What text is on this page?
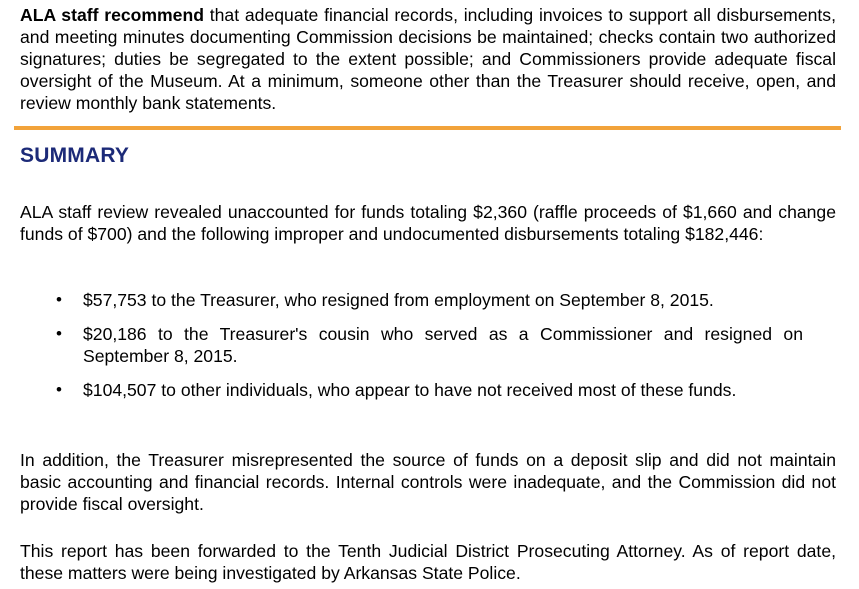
ALA staff recommend that adequate financial records, including invoices to support all disbursements, and meeting minutes documenting Commission decisions be maintained; checks contain two authorized signatures; duties be segregated to the extent possible; and Commissioners provide adequate fiscal oversight of the Museum. At a minimum, someone other than the Treasurer should receive, open, and review monthly bank statements.

SUMMARY

ALA staff review revealed unaccounted for funds totaling $2,360 (raffle proceeds of $1,660 and change funds of $700) and the following improper and undocumented disbursements totaling $182,446:

• $57,753 to the Treasurer, who resigned from employment on September 8, 2015.
• $20,186 to the Treasurer's cousin who served as a Commissioner and resigned on September 8, 2015.
• $104,507 to other individuals, who appear to have not received most of these funds.

In addition, the Treasurer misrepresented the source of funds on a deposit slip and did not maintain basic accounting and financial records. Internal controls were inadequate, and the Commission did not provide fiscal oversight.

This report has been forwarded to the Tenth Judicial District Prosecuting Attorney. As of report date, these matters were being investigated by Arkansas State Police.
